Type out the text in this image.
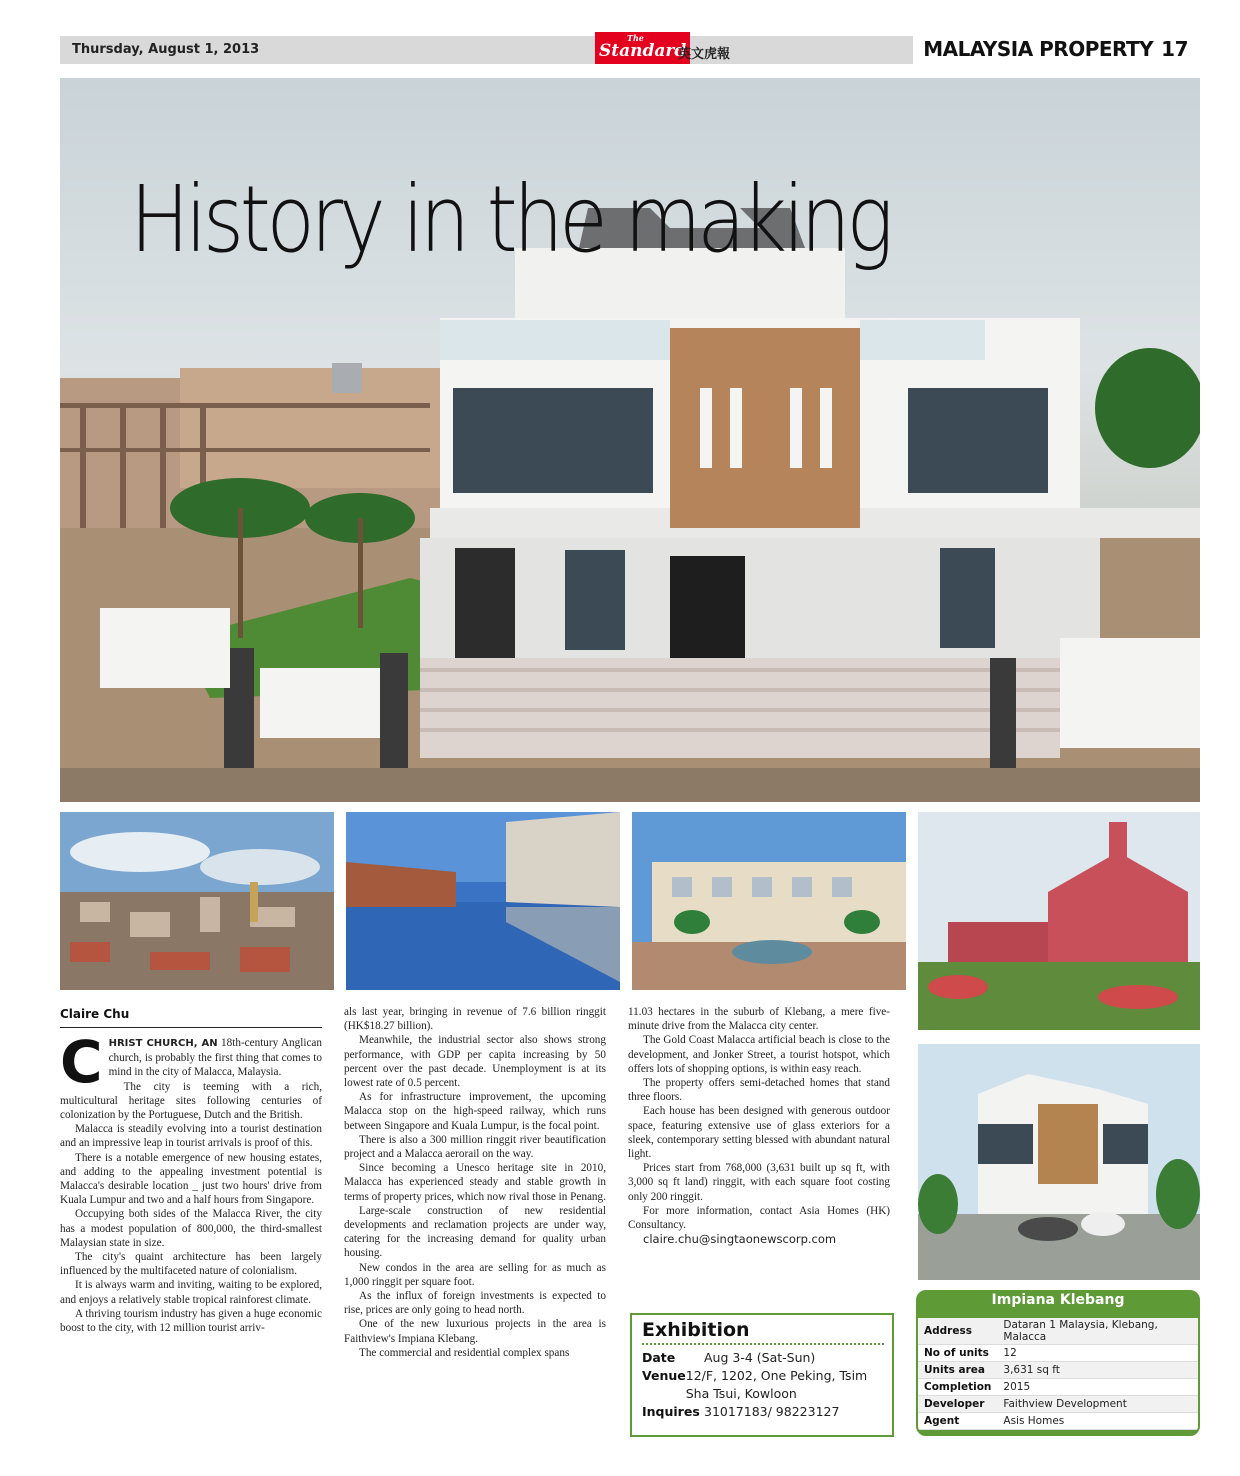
Thursday, August 1, 2013
The
Standard
英文虎報	MALAYSIA PROPERTY 17
History in the making
Claire Chu

CHRIST CHURCH, AN 18th-century Anglican church, is probably the first thing that comes to mind in the city of Malacca, Malaysia.

The city is teeming with a rich, multicultural heritage sites following centuries of colonization by the Portuguese, Dutch and the British.

Malacca is steadily evolving into a tourist destination and an impressive leap in tourist arrivals is proof of this.

There is a notable emergence of new housing estates, and adding to the appealing investment potential is Malacca's desirable location _ just two hours' drive from Kuala Lumpur and two and a half hours from Singapore.

Occupying both sides of the Malacca River, the city has a modest population of 800,000, the third-smallest Malaysian state in size.

The city's quaint architecture has been largely influenced by the multifaceted nature of colonialism.

It is always warm and inviting, waiting to be explored, and enjoys a relatively stable tropical rainforest climate.

A thriving tourism industry has given a huge economic boost to the city, with 12 million tourist arriv-

als last year, bringing in revenue of 7.6 billion ringgit (HK$18.27 billion).

Meanwhile, the industrial sector also shows strong performance, with GDP per capita increasing by 50 percent over the past decade. Unemployment is at its lowest rate of 0.5 percent.

As for infrastructure improvement, the upcoming Malacca stop on the high-speed railway, which runs between Singapore and Kuala Lumpur, is the focal point.

There is also a 300 million ringgit river beautification project and a Malacca aerorail on the way.

Since becoming a Unesco heritage site in 2010, Malacca has experienced steady and stable growth in terms of property prices, which now rival those in Penang.

Large-scale construction of new residential developments and reclamation projects are under way, catering for the increasing demand for quality urban housing.

New condos in the area are selling for as much as 1,000 ringgit per square foot.

As the influx of foreign investments is expected to rise, prices are only going to head north.

One of the new luxurious projects in the area is Faithview's Impiana Klebang.

The commercial and residential complex spans

11.03 hectares in the suburb of Klebang, a mere five-minute drive from the Malacca city center.

The Gold Coast Malacca artificial beach is close to the development, and Jonker Street, a tourist hotspot, which offers lots of shopping options, is within easy reach.

The property offers semi-detached homes that stand three floors.

Each house has been designed with generous outdoor space, featuring extensive use of glass exteriors for a sleek, contemporary setting blessed with abundant natural light.

Prices start from 768,000 (3,631 built up sq ft, with 3,000 sq ft land) ringgit, with each square foot costing only 200 ringgit.

For more information, contact Asia Homes (HK) Consultancy.

claire.chu@singtaonewscorp.com

Exhibition
Date	Aug 3-4 (Sat-Sun)
Venue 12/F, 1202, One Peking, Tsim Sha Tsui, Kowloon
Inquires 31017183/ 98223127
Impiana Klebang
Address	Dataran 1 Malaysia, Klebang, Malacca
No of units	12
Units area	3,631 sq ft
Completion	2015
Developer	Faithview Development
Agent	Asis Homes
